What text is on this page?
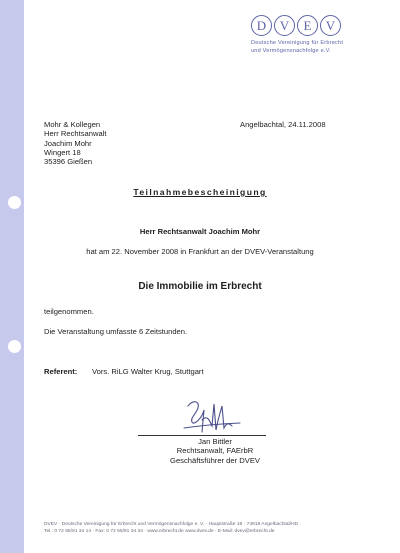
D	V	E	V
Deutsche Vereinigung für Erbrecht
und Vermögensnachfolge e.V.
Mohr & Kollegen
Herr Rechtsanwalt
Joachim Mohr
Wingert 18
35396 Gießen
Angelbachtal, 24.11.2008
Teilnahmebescheinigung
Herr Rechtsanwalt Joachim Mohr
hat am 22. November 2008 in Frankfurt an der DVEV-Veranstaltung
Die Immobilie im Erbrecht
teilgenommen.
Die Veranstaltung umfasste 6 Zeitstunden.
Referent: Vors. RiLG Walter Krug, Stuttgart
Jan Bittler
Rechtsanwalt, FAErbR
Geschäftsführer der DVEV
DVEV · Deutsche Vereinigung für Erbrecht und Vermögensnachfolge e. V. · Hauptstraße 18 · 74918 Angelbachtal/HD
Tel.: 0 72 65/91 34 14 · Fax: 0 72 65/91 34 34 · www.erbrecht.de www.dvev.de · E-Mail: dvev@erbrecht.de
